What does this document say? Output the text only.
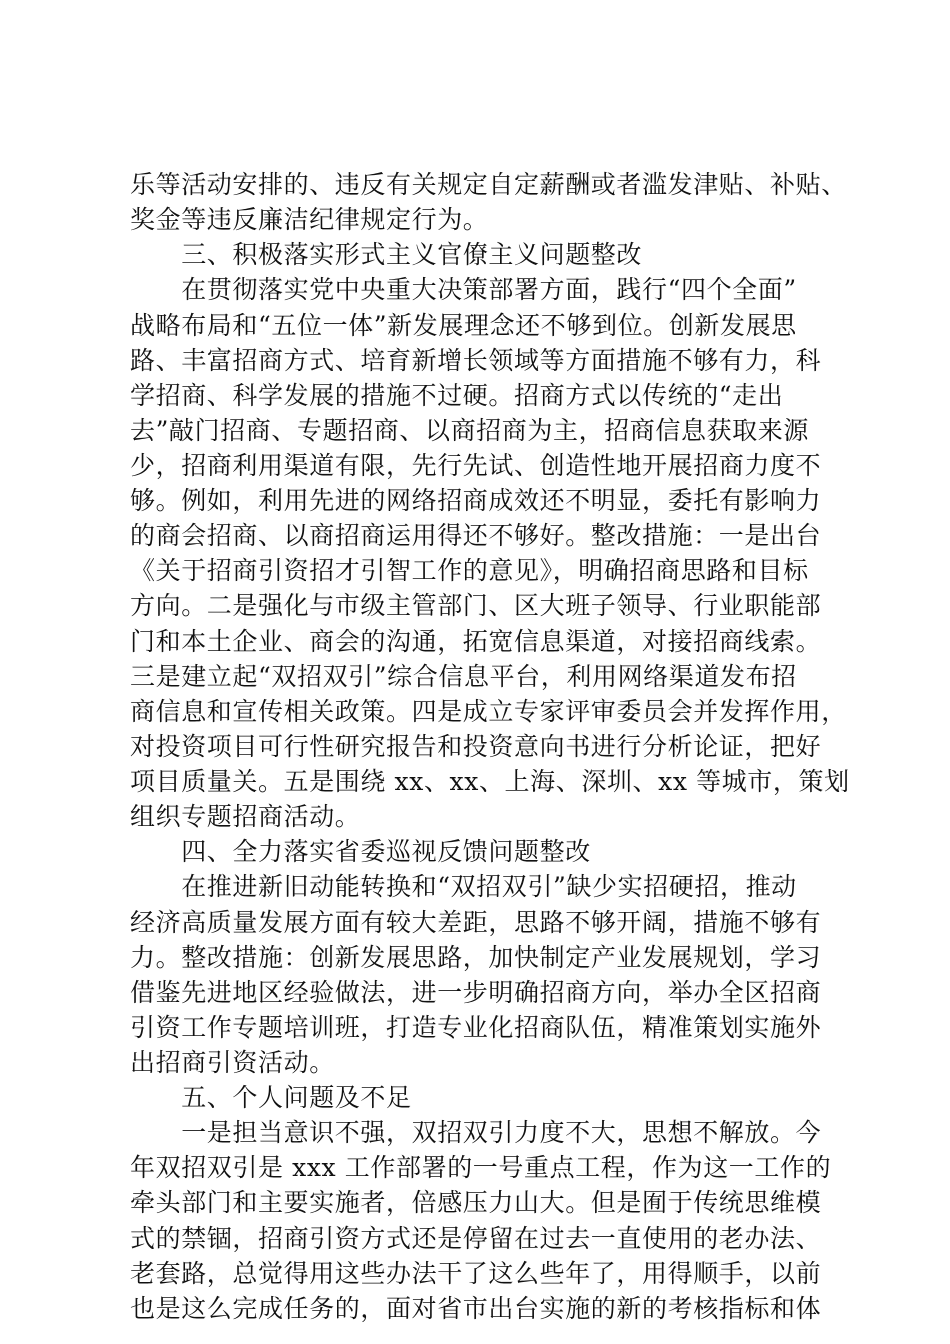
乐等活动安排的、违反有关规定自定薪酬或者滥发津贴、补贴、
奖金等违反廉洁纪律规定行为。
　　三、积极落实形式主义官僚主义问题整改
　　在贯彻落实党中央重大决策部署方面，践行“四个全面”
战略布局和“五位一体”新发展理念还不够到位。创新发展思
路、丰富招商方式、培育新增长领域等方面措施不够有力，科
学招商、科学发展的措施不过硬。招商方式以传统的“走出
去”敲门招商、专题招商、以商招商为主，招商信息获取来源
少，招商利用渠道有限，先行先试、创造性地开展招商力度不
够。例如，利用先进的网络招商成效还不明显，委托有影响力
的商会招商、以商招商运用得还不够好。整改措施：一是出台
《关于招商引资招才引智工作的意见》，明确招商思路和目标
方向。二是强化与市级主管部门、区大班子领导、行业职能部
门和本土企业、商会的沟通，拓宽信息渠道，对接招商线索。
三是建立起“双招双引”综合信息平台，利用网络渠道发布招
商信息和宣传相关政策。四是成立专家评审委员会并发挥作用，
对投资项目可行性研究报告和投资意向书进行分析论证，把好
项目质量关。五是围绕 xx、xx、上海、深圳、xx 等城市，策划
组织专题招商活动。
　　四、全力落实省委巡视反馈问题整改
　　在推进新旧动能转换和“双招双引”缺少实招硬招，推动
经济高质量发展方面有较大差距，思路不够开阔，措施不够有
力。整改措施：创新发展思路，加快制定产业发展规划，学习
借鉴先进地区经验做法，进一步明确招商方向，举办全区招商
引资工作专题培训班，打造专业化招商队伍，精准策划实施外
出招商引资活动。
　　五、个人问题及不足
　　一是担当意识不强，双招双引力度不大，思想不解放。今
年双招双引是 xxx 工作部署的一号重点工程，作为这一工作的
牵头部门和主要实施者，倍感压力山大。但是囿于传统思维模
式的禁锢，招商引资方式还是停留在过去一直使用的老办法、
老套路，总觉得用这些办法干了这么些年了，用得顺手，以前
也是这么完成任务的，面对省市出台实施的新的考核指标和体
